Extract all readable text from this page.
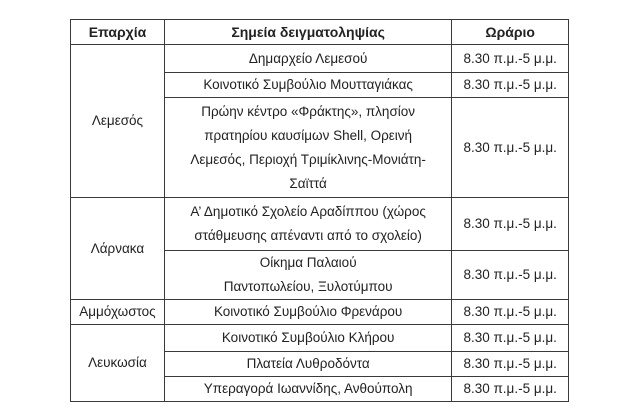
Επαρχία	Σημεία δειγματοληψίας	Ωράριο
Λεμεσός	Δημαρχείο Λεμεσού	8.30 π.μ.-5 μ.μ.
	Κοινοτικό Συμβούλιο Μουτταγιάκας	8.30 π.μ.-5 μ.μ.
	Πρώην κέντρο «Φράκτης», πλησίον πρατηρίου καυσίμων Shell, Ορεινή Λεμεσός, Περιοχή Τριμίκλινης-Μονιάτη-Σαϊττά	8.30 π.μ.-5 μ.μ.
Λάρνακα	Α’ Δημοτικό Σχολείο Αραδίππου (χώρος στάθμευσης απέναντι από το σχολείο)	8.30 π.μ.-5 μ.μ.
	Οίκημα Παλαιού Παντοπωλείου, Ξυλοτύμπου	8.30 π.μ.-5 μ.μ.
Αμμόχωστος	Κοινοτικό Συμβούλιο Φρενάρου	8.30 π.μ.-5 μ.μ.
Λευκωσία	Κοινοτικό Συμβούλιο Κλήρου	8.30 π.μ.-5 μ.μ.
	Πλατεία Λυθροδόντα	8.30 π.μ.-5 μ.μ.
	Υπεραγορά Ιωαννίδης, Ανθούπολη	8.30 π.μ.-5 μ.μ.
